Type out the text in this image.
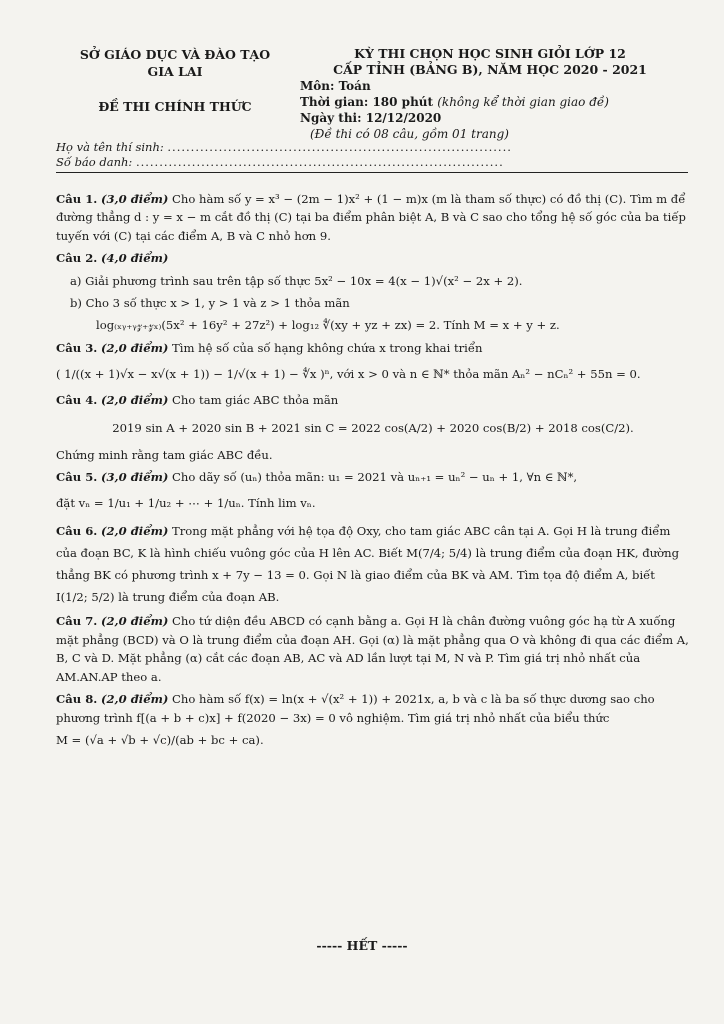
SỞ GIÁO DỤC VÀ ĐÀO TẠO
GIA LAI
ĐỀ THI CHÍNH THỨC
KỲ THI CHỌN HỌC SINH GIỎI LỚP 12
CẤP TỈNH (BẢNG B), NĂM HỌC 2020 - 2021
Môn: Toán
Thời gian: 180 phút (không kể thời gian giao đề)
Ngày thi: 12/12/2020
(Đề thi có 08 câu, gồm 01 trang)
Họ và tên thí sinh: ..........................................................................
Số báo danh: ...............................................................................

Câu 1. (3,0 điểm) Cho hàm số y = x³ − (2m − 1)x² + (1 − m)x (m là tham số thực) có đồ thị (C). Tìm m để đường thẳng d : y = x − m cắt đồ thị (C) tại ba điểm phân biệt A, B và C sao cho tổng hệ số góc của ba tiếp tuyến với (C) tại các điểm A, B và C nhỏ hơn 9.

Câu 2. (4,0 điểm)

a) Giải phương trình sau trên tập số thực 5x² − 10x = 4(x − 1)√(x² − 2x + 2).

b) Cho 3 số thực x > 1, y > 1 và z > 1 thỏa mãn

log₍ₓᵧ₊ᵧ𝓏₊𝓏ₓ₎(5x² + 16y² + 27z²) + log₁₂ ∜(xy + yz + zx) = 2. Tính M = x + y + z.

Câu 3. (2,0 điểm) Tìm hệ số của số hạng không chứa x trong khai triển

( 1/((x + 1)√x − x√(x + 1)) − 1/√(x + 1) − ∜x )ⁿ, với x > 0 và n ∈ ℕ* thỏa mãn Aₙ² − nCₙ² + 55n = 0.

Câu 4. (2,0 điểm) Cho tam giác ABC thỏa mãn

2019 sin A + 2020 sin B + 2021 sin C = 2022 cos(A/2) + 2020 cos(B/2) + 2018 cos(C/2).

Chứng minh rằng tam giác ABC đều.

Câu 5. (3,0 điểm) Cho dãy số (uₙ) thỏa mãn: u₁ = 2021 và uₙ₊₁ = uₙ² − uₙ + 1, ∀n ∈ ℕ*,

đặt vₙ = 1/u₁ + 1/u₂ + ⋯ + 1/uₙ. Tính lim vₙ.

Câu 6. (2,0 điểm) Trong mặt phẳng với hệ tọa độ Oxy, cho tam giác ABC cân tại A. Gọi H là trung điểm của đoạn BC, K là hình chiếu vuông góc của H lên AC. Biết M(7/4; 5/4) là trung điểm của đoạn HK, đường thẳng BK có phương trình x + 7y − 13 = 0. Gọi N là giao điểm của BK và AM. Tìm tọa độ điểm A, biết I(1/2; 5/2) là trung điểm của đoạn AB.

Câu 7. (2,0 điểm) Cho tứ diện đều ABCD có cạnh bằng a. Gọi H là chân đường vuông góc hạ từ A xuống mặt phẳng (BCD) và O là trung điểm của đoạn AH. Gọi (α) là mặt phẳng qua O và không đi qua các điểm A, B, C và D. Mặt phẳng (α) cắt các đoạn AB, AC và AD lần lượt tại M, N và P. Tìm giá trị nhỏ nhất của AM.AN.AP theo a.

Câu 8. (2,0 điểm) Cho hàm số f(x) = ln(x + √(x² + 1)) + 2021x, a, b và c là ba số thực dương sao cho phương trình f[(a + b + c)x] + f(2020 − 3x) = 0 vô nghiệm. Tìm giá trị nhỏ nhất của biểu thức

M = (√a + √b + √c)/(ab + bc + ca).

----- HẾT -----
